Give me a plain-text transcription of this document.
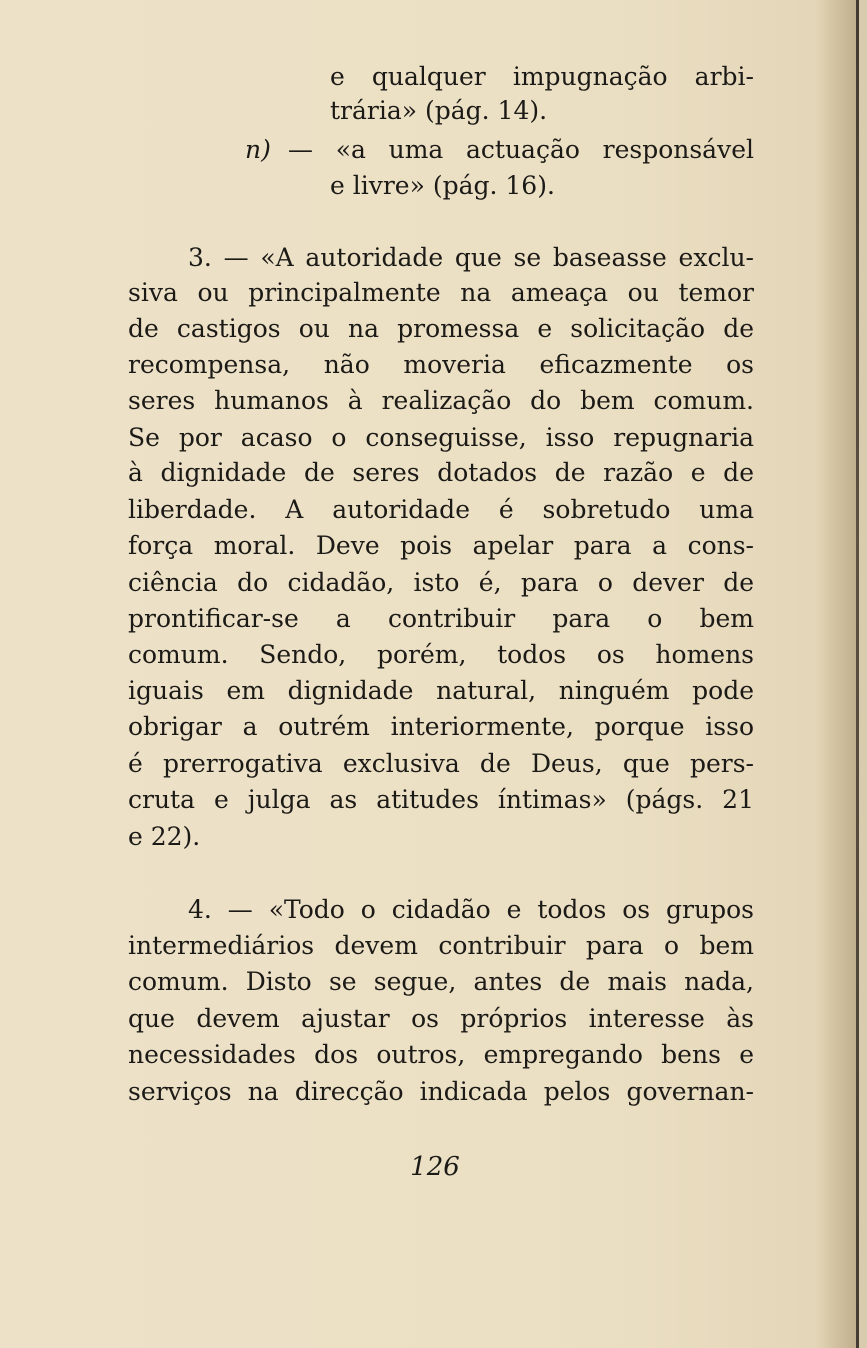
e qualquer impugnação arbi-
trária» (pág. 14).
n) — «a uma actuação responsável
e livre» (pág. 16).
3. — «A autoridade que se baseasse exclu-
siva ou principalmente na ameaça ou temor
de castigos ou na promessa e solicitação de
recompensa, não moveria eficazmente os
seres humanos à realização do bem comum.
Se por acaso o conseguisse, isso repugnaria
à dignidade de seres dotados de razão e de
liberdade. A autoridade é sobretudo uma
força moral. Deve pois apelar para a cons-
ciência do cidadão, isto é, para o dever de
prontificar-se a contribuir para o bem
comum. Sendo, porém, todos os homens
iguais em dignidade natural, ninguém pode
obrigar a outrém interiormente, porque isso
é prerrogativa exclusiva de Deus, que pers-
cruta e julga as atitudes íntimas» (págs. 21
e 22).
4. — «Todo o cidadão e todos os grupos
intermediários devem contribuir para o bem
comum. Disto se segue, antes de mais nada,
que devem ajustar os próprios interesse às
necessidades dos outros, empregando bens e
serviços na direcção indicada pelos governan-
126
